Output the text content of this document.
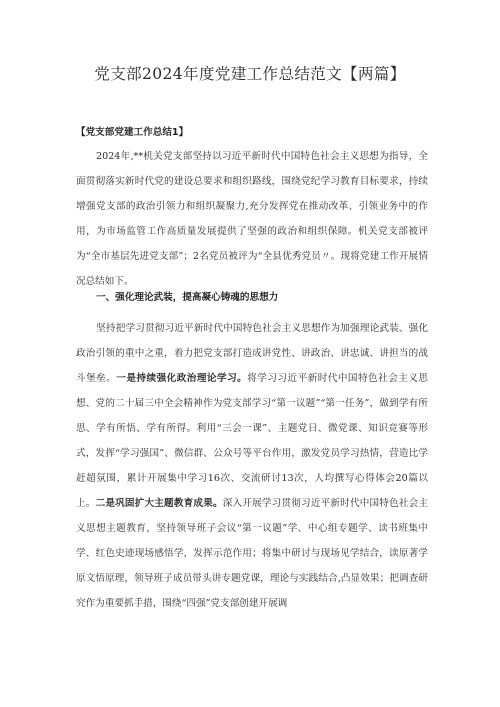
党支部2024年度党建工作总结范文【两篇】

【党支部党建工作总结1】

2024年,**机关党支部坚持以习近平新时代中国特色社会主义思想为指导，全面贯彻落实新时代党的建设总要求和组织路线，围绕党纪学习教育目标要求，持续增强党支部的政治引领力和组织凝聚力,充分发挥党在推动改革、引领业务中的作用，为市场监管工作高质量发展提供了坚强的政治和组织保障。机关党支部被评为“全市基层先进党支部”；2名党员被评为“全县优秀党员〃。现将党建工作开展情况总结如下。

一、强化理论武装，提高凝心铸魂的思想力

坚持把学习贯彻习近平新时代中国特色社会主义思想作为加强理论武装、强化政治引领的重中之重，着力把党支部打造成讲党性、讲政治、讲忠诚、讲担当的战斗堡垒。一是持续强化政治理论学习。将学习习近平新时代中国特色社会主义思想、党的二十届三中全会精神作为党支部学习“第一议题”“第一任务”，做到学有所思、学有所悟、学有所得。利用“三会一课”、主题党日、微党课、知识竞赛等形式，发挥“学习强国”、微信群、公众号等平台作用，激发党员学习热情，营造比学赶超氛围，累计开展集中学习16次、交流研讨13次，人均撰写心得体会20篇以上。二是巩固扩大主题教育成果。深入开展学习贯彻习近平新时代中国特色社会主义思想主题教育，坚持领导班子会议“第一议题”学、中心组专题学、读书班集中学、红色史迹现场感悟学，发挥示范作用；将集中研讨与现场见学结合，读原著学原文悟原理，领导班子成员带头讲专题党课，理论与实践结合,凸显效果；把调查研究作为重要抓手措，围绕“四强”党支部创建开展调
